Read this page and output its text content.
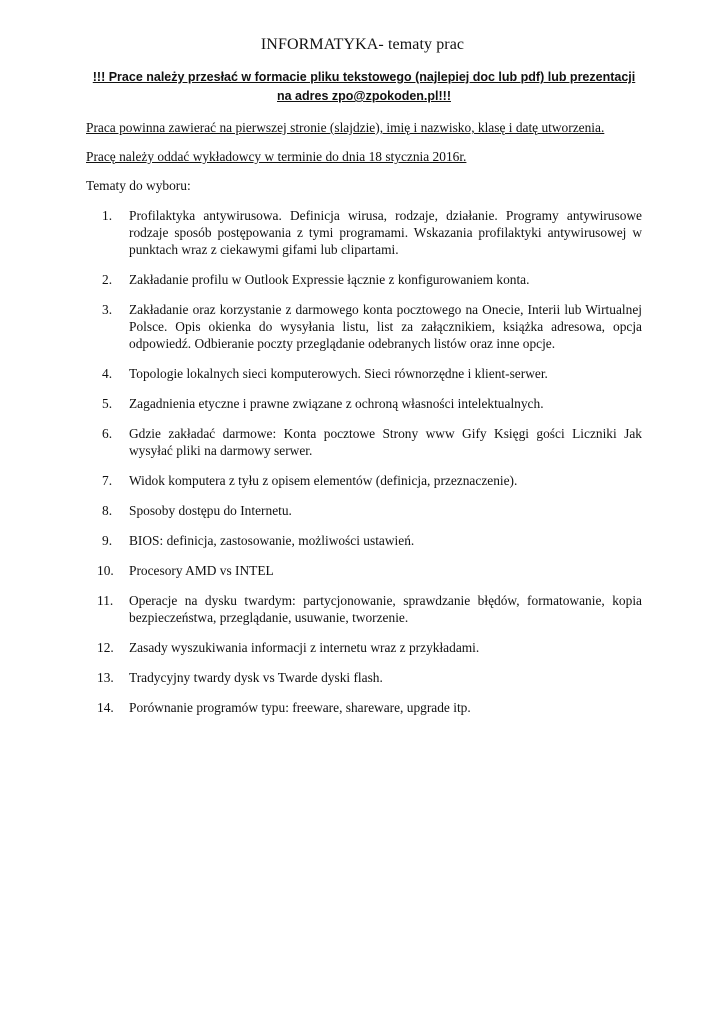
INFORMATYKA- tematy prac
!!! Prace należy przesłać w formacie pliku tekstowego (najlepiej doc lub pdf) lub prezentacji na adres zpo@zpokoden.pl!!!
Praca powinna zawierać na pierwszej stronie (slajdzie), imię i nazwisko, klasę i datę utworzenia.
Pracę należy oddać wykładowcy w terminie do dnia 18 stycznia 2016r.
Tematy do wyboru:
1. Profilaktyka antywirusowa. Definicja wirusa, rodzaje, działanie. Programy antywirusowe rodzaje sposób postępowania z tymi programami. Wskazania profilaktyki antywirusowej w punktach wraz z ciekawymi gifami lub clipartami.
2. Zakładanie profilu w Outlook Expressie łącznie z konfigurowaniem konta.
3. Zakładanie oraz korzystanie z darmowego konta pocztowego na Onecie, Interii lub Wirtualnej Polsce. Opis okienka do wysyłania listu, list za załącznikiem, książka adresowa, opcja odpowiedź. Odbieranie poczty przeglądanie odebranych listów oraz inne opcje.
4. Topologie lokalnych sieci komputerowych. Sieci równorzędne i klient-serwer.
5. Zagadnienia etyczne i prawne związane z ochroną własności intelektualnych.
6. Gdzie zakładać darmowe: Konta pocztowe Strony www Gify Księgi gości Liczniki Jak wysyłać pliki na darmowy serwer.
7. Widok komputera z tyłu z opisem elementów (definicja, przeznaczenie).
8. Sposoby dostępu do Internetu.
9. BIOS: definicja, zastosowanie, możliwości ustawień.
10. Procesory AMD vs INTEL
11. Operacje na dysku twardym: partycjonowanie, sprawdzanie błędów, formatowanie, kopia bezpieczeństwa, przeglądanie, usuwanie, tworzenie.
12. Zasady wyszukiwania informacji z internetu wraz z przykładami.
13. Tradycyjny twardy dysk vs Twarde dyski flash.
14. Porównanie programów typu: freeware, shareware, upgrade itp.
